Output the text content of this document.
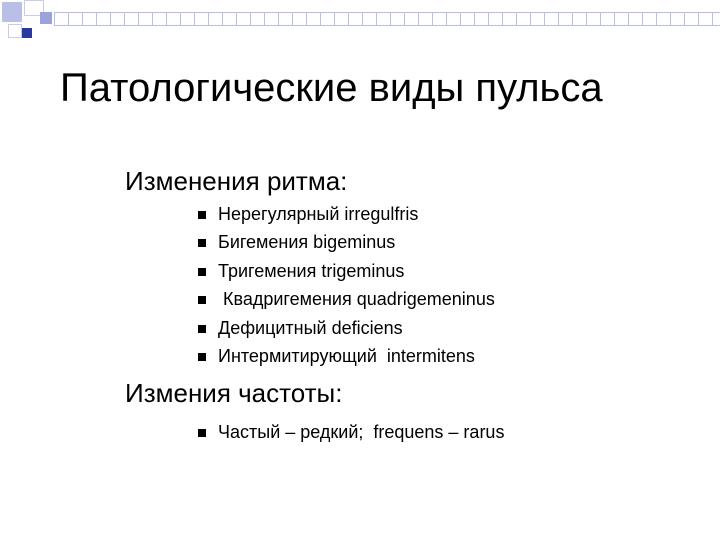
Патологические виды пульса
Изменения ритма:
Нерегулярный irregulfris
Бигемения bigeminus
Тригемения trigeminus
Квадригемения quadrigemeninus
Дефицитный deficiens
Интермитирующий  intermitens
Измения частоты:
Частый – редкий;  frequens – rarus
